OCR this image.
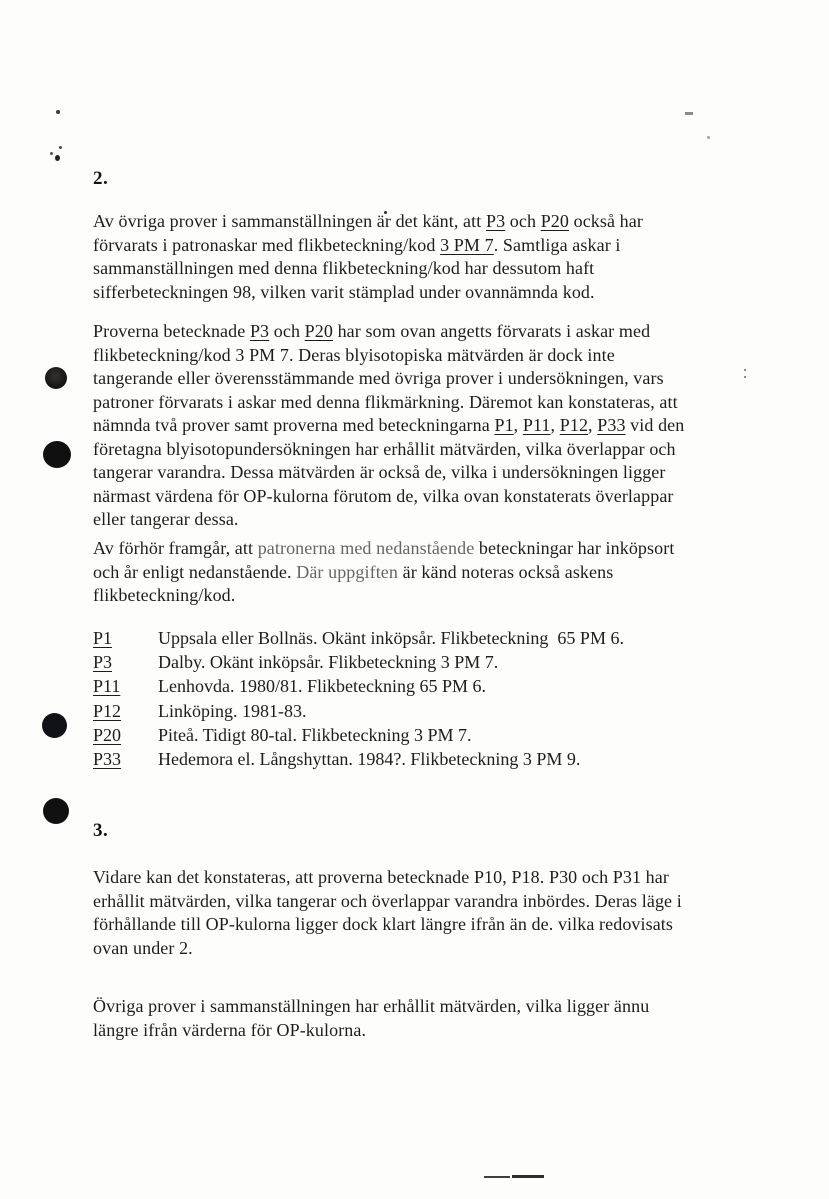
2.
Av övriga prover i sammanställningen är det känt, att P3 och P20 också har
förvarats i patronaskar med flikbeteckning/kod 3 PM 7. Samtliga askar i
sammanställningen med denna flikbeteckning/kod har dessutom haft
sifferbeteckningen 98, vilken varit stämplad under ovannämnda kod.
Proverna betecknade P3 och P20 har som ovan angetts förvarats i askar med
flikbeteckning/kod 3 PM 7. Deras blyisotopiska mätvärden är dock inte
tangerande eller överensstämmande med övriga prover i undersökningen, vars
patroner förvarats i askar med denna flikmärkning. Däremot kan konstateras, att
nämnda två prover samt proverna med beteckningarna P1, P11, P12, P33 vid den
företagna blyisotopundersökningen har erhållit mätvärden, vilka överlappar och
tangerar varandra. Dessa mätvärden är också de, vilka i undersökningen ligger
närmast värdena för OP-kulorna förutom de, vilka ovan konstaterats överlappar
eller tangerar dessa.
Av förhör framgår, att patronerna med nedanstående beteckningar har inköpsort
och år enligt nedanstående. Där uppgiften är känd noteras också askens
flikbeteckning/kod.
P1	Uppsala eller Bollnäs. Okänt inköpsår. Flikbeteckning  65 PM 6.
P3	Dalby. Okänt inköpsår. Flikbeteckning 3 PM 7.
P11	Lenhovda. 1980/81. Flikbeteckning 65 PM 6.
P12	Linköping. 1981-83.
P20	Piteå. Tidigt 80-tal. Flikbeteckning 3 PM 7.
P33	Hedemora el. Långshyttan. 1984?. Flikbeteckning 3 PM 9.
3.
Vidare kan det konstateras, att proverna betecknade P10, P18. P30 och P31 har
erhållit mätvärden, vilka tangerar och överlappar varandra inbördes. Deras läge i
förhållande till OP-kulorna ligger dock klart längre ifrån än de. vilka redovisats
ovan under 2.
Övriga prover i sammanställningen har erhållit mätvärden, vilka ligger ännu
längre ifrån värderna för OP-kulorna.
